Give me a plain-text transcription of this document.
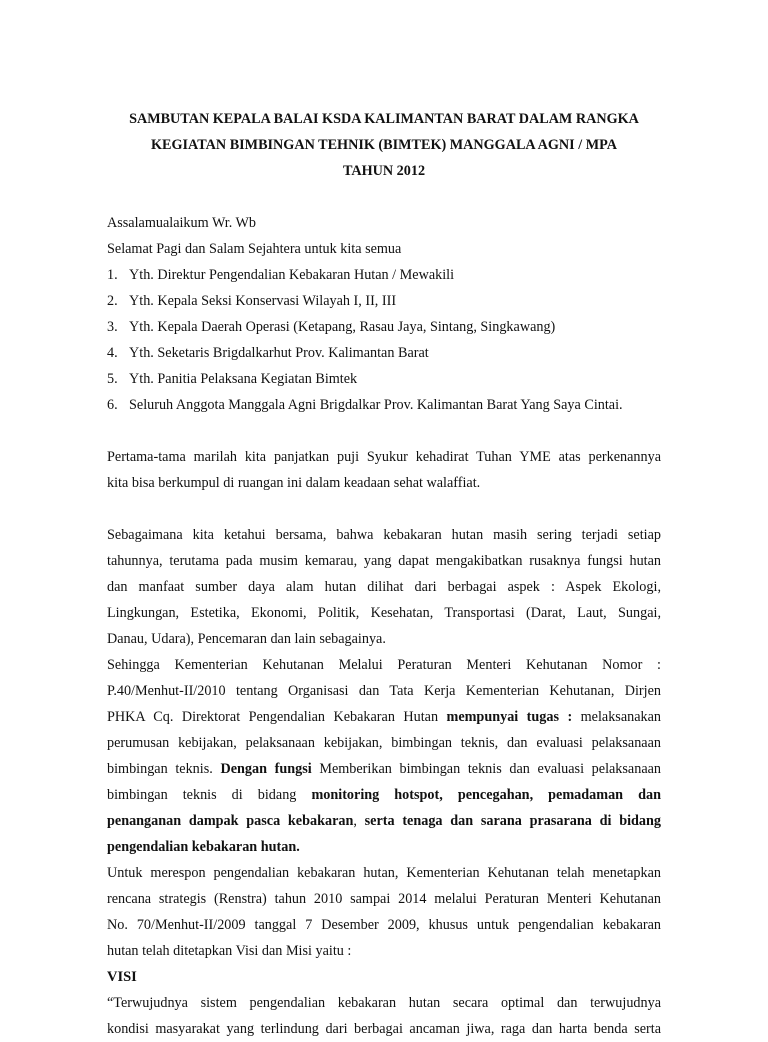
SAMBUTAN KEPALA BALAI KSDA KALIMANTAN BARAT DALAM RANGKA
KEGIATAN BIMBINGAN TEHNIK (BIMTEK) MANGGALA AGNI / MPA
TAHUN 2012
Assalamualaikum Wr. Wb
Selamat Pagi dan Salam Sejahtera untuk kita semua
1. Yth. Direktur Pengendalian Kebakaran Hutan / Mewakili
2. Yth. Kepala Seksi Konservasi Wilayah I, II, III
3. Yth. Kepala Daerah Operasi (Ketapang, Rasau Jaya, Sintang, Singkawang)
4. Yth. Seketaris Brigdalkarhut Prov. Kalimantan Barat
5. Yth. Panitia Pelaksana Kegiatan Bimtek
6. Seluruh Anggota Manggala Agni Brigdalkar Prov. Kalimantan Barat Yang Saya Cintai.

Pertama-tama marilah kita panjatkan puji Syukur kehadirat Tuhan YME atas perkenannya
kita bisa berkumpul di ruangan ini dalam keadaan sehat walaffiat.

Sebagaimana kita ketahui bersama, bahwa kebakaran hutan masih sering terjadi setiap
tahunnya, terutama pada musim kemarau, yang dapat mengakibatkan rusaknya fungsi hutan
dan manfaat sumber daya alam hutan dilihat dari berbagai aspek : Aspek Ekologi,
Lingkungan, Estetika, Ekonomi, Politik, Kesehatan, Transportasi (Darat, Laut, Sungai,
Danau, Udara), Pencemaran dan lain sebagainya.

Sehingga Kementerian Kehutanan Melalui Peraturan Menteri Kehutanan Nomor :
P.40/Menhut-II/2010 tentang Organisasi dan Tata Kerja Kementerian Kehutanan, Dirjen
PHKA Cq. Direktorat Pengendalian Kebakaran Hutan mempunyai tugas : melaksanakan
perumusan kebijakan, pelaksanaan kebijakan, bimbingan teknis, dan evaluasi pelaksanaan
bimbingan teknis. Dengan fungsi Memberikan bimbingan teknis dan evaluasi pelaksanaan
bimbingan teknis di bidang monitoring hotspot, pencegahan, pemadaman dan
penanganan dampak pasca kebakaran, serta tenaga dan sarana prasarana di bidang
pengendalian kebakaran hutan.

Untuk merespon pengendalian kebakaran hutan, Kementerian Kehutanan telah menetapkan
rencana strategis (Renstra) tahun 2010 sampai 2014 melalui Peraturan Menteri Kehutanan
No. 70/Menhut-II/2009 tanggal 7 Desember 2009, khusus untuk pengendalian kebakaran
hutan telah ditetapkan Visi dan Misi yaitu :

VISI

“Terwujudnya sistem pengendalian kebakaran hutan secara optimal dan terwujudnya
kondisi masyarakat yang terlindung dari berbagai ancaman jiwa, raga dan harta benda serta
